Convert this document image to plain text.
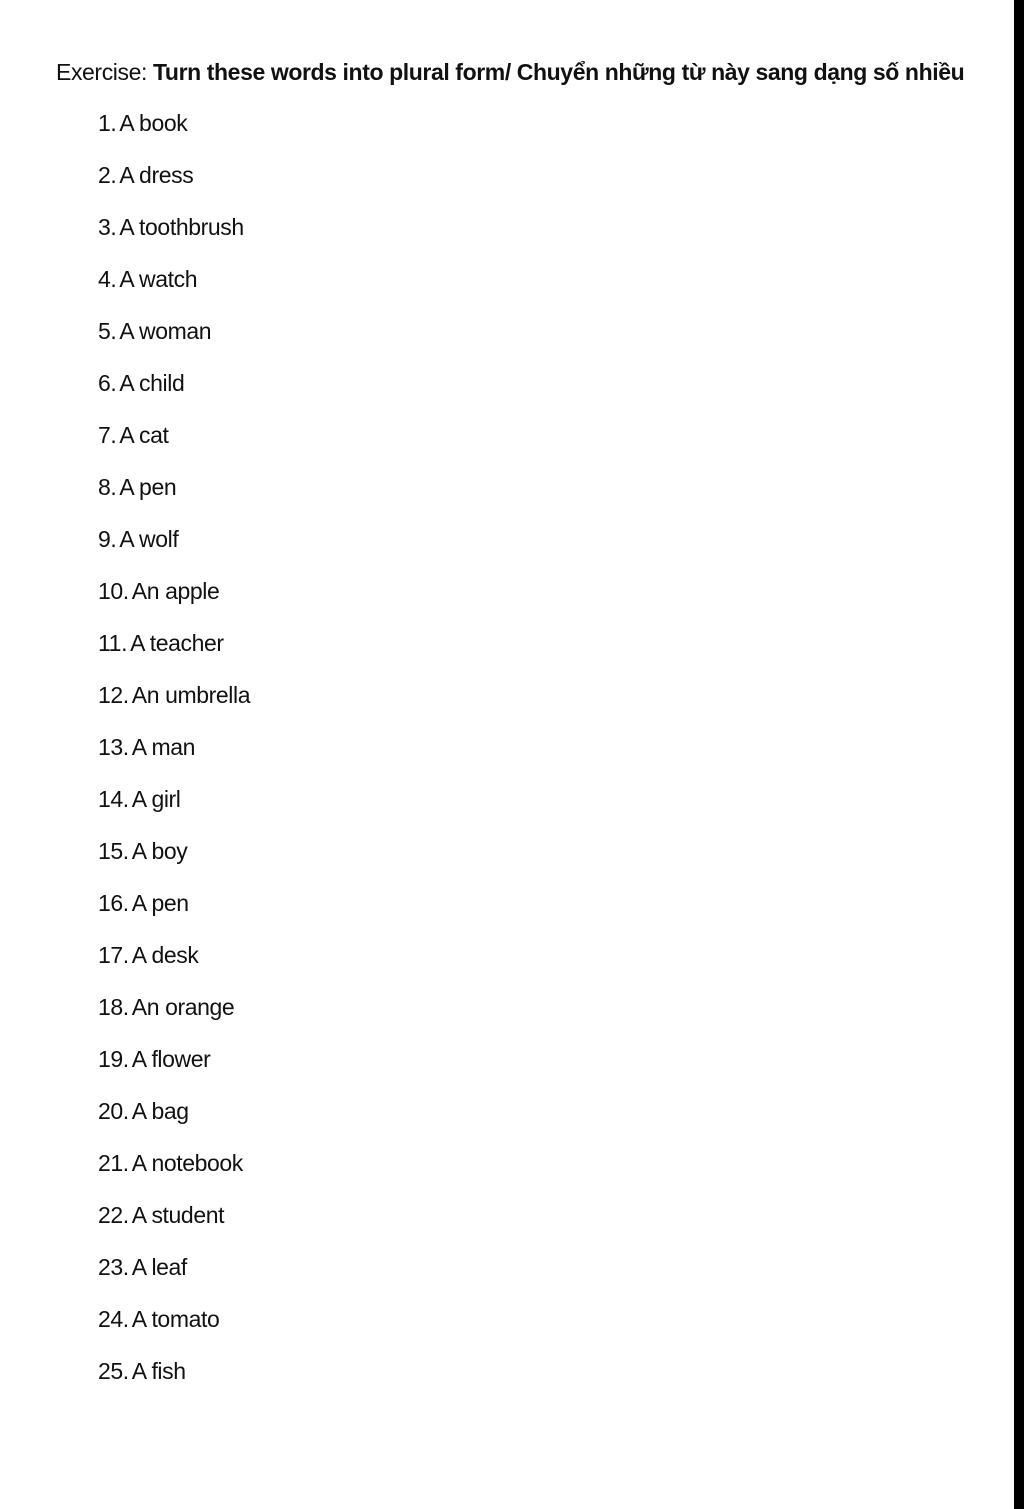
Exercise: Turn these words into plural form/ Chuyển những từ này sang dạng số nhiều
1. A book
2. A dress
3. A toothbrush
4. A watch
5. A woman
6. A child
7. A cat
8. A pen
9. A wolf
10. An apple
11. A teacher
12. An umbrella
13. A man
14. A girl
15. A boy
16. A pen
17. A desk
18. An orange
19. A flower
20. A bag
21. A notebook
22. A student
23. A leaf
24. A tomato
25. A fish
